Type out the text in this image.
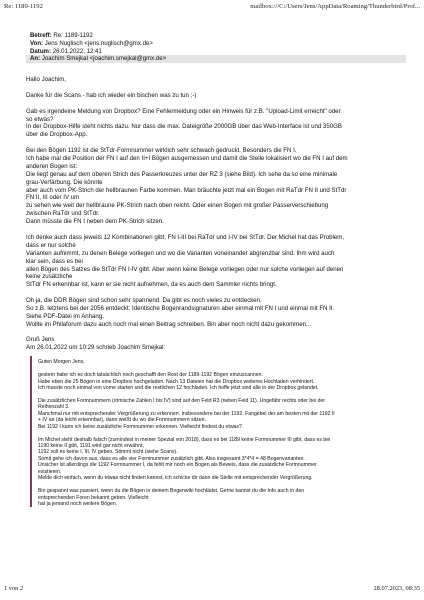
Re: 1189-1192	mailbox:///C:/Users/Jens/AppData/Roaming/Thunderbird/Prof...
Betreff: Re: 1189-1192
Von: Jens Nuglisch <jens.nuglisch@gmx.de>
Datum: 26.01.2022, 12:41
An: Joachim Smejkal <joachim.smejkal@gmx.de>
Hallo Joachim,
Danke für die Scans - hab ich wieder ein bischen was zu tun ;-)
Gab es irgendeine Meldung von Dropbox? Eine Fehlermeldung oder ein Hinweis für z.B. "Upload-Limit erreicht" oder
so etwas?
In der Dropbox-Hilfe steht nichts dazu. Nur dass die max. Dateigröße 2000GB über das Web-Interface ist und 350GB
über die Dropbox-App.
Bei den Bögen 1192 ist die StTdr-Formnummer wirklich sehr schwach gedruckt. Besonders die FN I.
Ich habe mal die Position der FN I auf den II+I Bögen ausgemessen und damit die Stelle lokalisiert wo die FN I auf dem
anderen Bogen ist:
Die liegt genau auf dem oberen Strich des Passerkreuzes unter der RZ 3 (siehe Bild). Ich sehe da so eine minimale
grau-Verfärbung. Die könnte
aber auch vom PK-Strich der hellbraunen Farbe kommen. Man bräuchte jetzt mal ein Bogen mit RaTdr FN II und StTdr
FN II, III oder IV um
zu sehen wie weit der hellbraune PK-Strich nach oben reicht. Oder einen Bogen mit großer Passerverschiebung
zwischen RaTdr und StTdr.
Dann müsste die FN I neben dem PK-Strich sitzen.
Ich denke auch dass jeweils 12 Kombinationen gibt; FN I-III bei RaTdr und I-IV bei StTdr. Der Michel hat das Problem,
dass er nur solche
Varianten aufnimmt, zu denen Belege vorliegen und wo die Varianten voneinander abgrenzbar sind. Ihm wird auch
klar sein, dass es bei
allen Bögen des Satzes die StTdr FN I-IV gibt. Aber wenn keine Belege vorliegen oder nur solche vorliegen auf denen
keine zusätzliche
StTdr FN erkennbar ist, kann er sie nicht aufnehmen, da es auch dem Sammler nichts bringt.
Oh ja, die DDR Bögen sind schon sehr spannend. Da gibt es noch vieles zu entdecken.
So z.B. letztens bei der 2056 entdeckt: Identische Bogenrandsignaturen aber einmal mit FN I und einmal mit FN II.
Siehe PDF-Datei im Anhang.
Wollte im Philaforum dazu auch noch mal einen Beitrag schreiben. Bin aber noch nicht dazu gekommen...
Gruß Jens
Am 26.01.2022 um 10:29 schrieb Joachim Smejkal:
Guten Morgen Jens,
gestern habe ich es doch tatsächlich noch geschafft den Rest der 1189-1192 Bögen einzuscannen.
Habe eben die 25 Bögen in eine Dropbox hochgeladen. Nach 13 Dateien hat die Dropbox weiteres Hochladen verhindert.
Ich musste noch einmal von vorne starten und die restlichen 12 hochladen. Ich hoffe jetzt sind alle in der Dropbox gelandet.
Die zusätzlichen Formnummern (römische Zahlen I bis IV) sind auf den Feld R3 (neben Feld 11). Ungefähr rechts oder bei der
Reihenzahl 3.
Manchmal nur mit entsprechender Vergrößerung zu erkennen. Insbesondere bei der 1192. Fangebei der am besten mit der 1192 II
+ IV an (da leicht erkennbar), dann weißt du wo die Formnummern sitzen.
Bei 1192 I kann ich keine zusätzliche Formnummer erkennen. Vielleicht findest du etwas?
Im Michel steht deshalb falsch (zumindest in meiner Spezial von 2018), dass es bei 1189 keine Formnummer III gibt, dass es bei
1190 keine II gibt, 1191 wird gar nicht erwähnt,
1192 soll es keine I, III, IV geben. Stimmt nicht (siehe Scans).
Somit gehe ich davon aus, dass es alle vier Formnummer zusätzlich gibt. Also insgesamt 3*4*4 = 48 Bogenvarianten.
Unsicher ist allerdings die 1192 Formnummer I, da fehlt mir noch ein Bogen als Beweis, dass die zusätzliche Formnummer
existieren.
Melde dich einfach, wenn du etwas nicht finden kannst, ich schicke dir dann die Stelle mit entsprechender Vergrößerung.
Bin gespannt was passiert, wenn du die Bögen in deinem Bogenwiki hochlädst. Gerne kannst du die Info auch in den
entsprechenden Foren bekannt geben. Vielleicht
hat ja jemand noch weitere Bögen.
1 von 2	28.07.2023, 08:35
